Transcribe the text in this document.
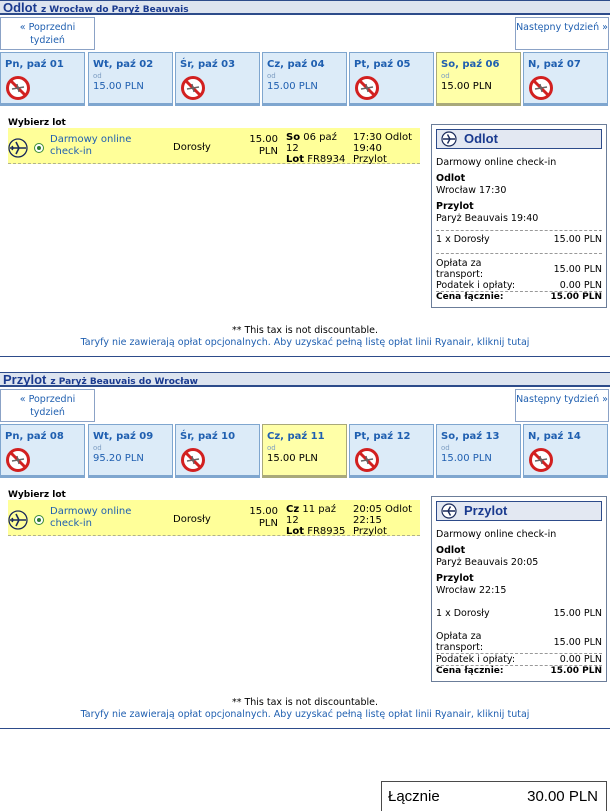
Odlot z Wrocław do Paryż Beauvais
« Poprzedni tydzień
Następny tydzień »
Pn, paź 01	Wt, paź 02
od
15.00 PLN
Śr, paź 03	Cz, paź 04
od
15.00 PLN
Pt, paź 05	So, paź 06
od
15.00 PLN
N, paź 07
Wybierz lot
Darmowy online check-in	Dorosły
15.00 PLN
So 06 paź 12
Lot FR8934
17:30 Odlot
19:40
Przylot
Odlot
Darmowy online check-in
Odlot
Wrocław 17:30
Przylot
Paryż Beauvais 19:40
1 x Dorosły	15.00 PLN
Opłata za transport:	15.00 PLN
Podatek i opłaty:	0.00 PLN
Cena łącznie:	15.00 PLN
** This tax is not discountable.
Taryfy nie zawierają opłat opcjonalnych. Aby uzyskać pełną listę opłat linii Ryanair, kliknij tutaj
Przylot z Paryż Beauvais do Wrocław
« Poprzedni tydzień
Następny tydzień »
Pn, paź 08	Wt, paź 09
od
95.20 PLN
Śr, paź 10	Cz, paź 11
od
15.00 PLN
Pt, paź 12	So, paź 13
od
15.00 PLN
N, paź 14
Wybierz lot
Darmowy online check-in	Dorosły
15.00 PLN
Cz 11 paź 12
Lot FR8935
20:05 Odlot
22:15
Przylot
Przylot
Darmowy online check-in
Odlot
Paryż Beauvais 20:05
Przylot
Wrocław 22:15
1 x Dorosły	15.00 PLN
Opłata za transport:	15.00 PLN
Podatek i opłaty:	0.00 PLN
Cena łącznie:	15.00 PLN
** This tax is not discountable.
Taryfy nie zawierają opłat opcjonalnych. Aby uzyskać pełną listę opłat linii Ryanair, kliknij tutaj
Łącznie	30.00 PLN
